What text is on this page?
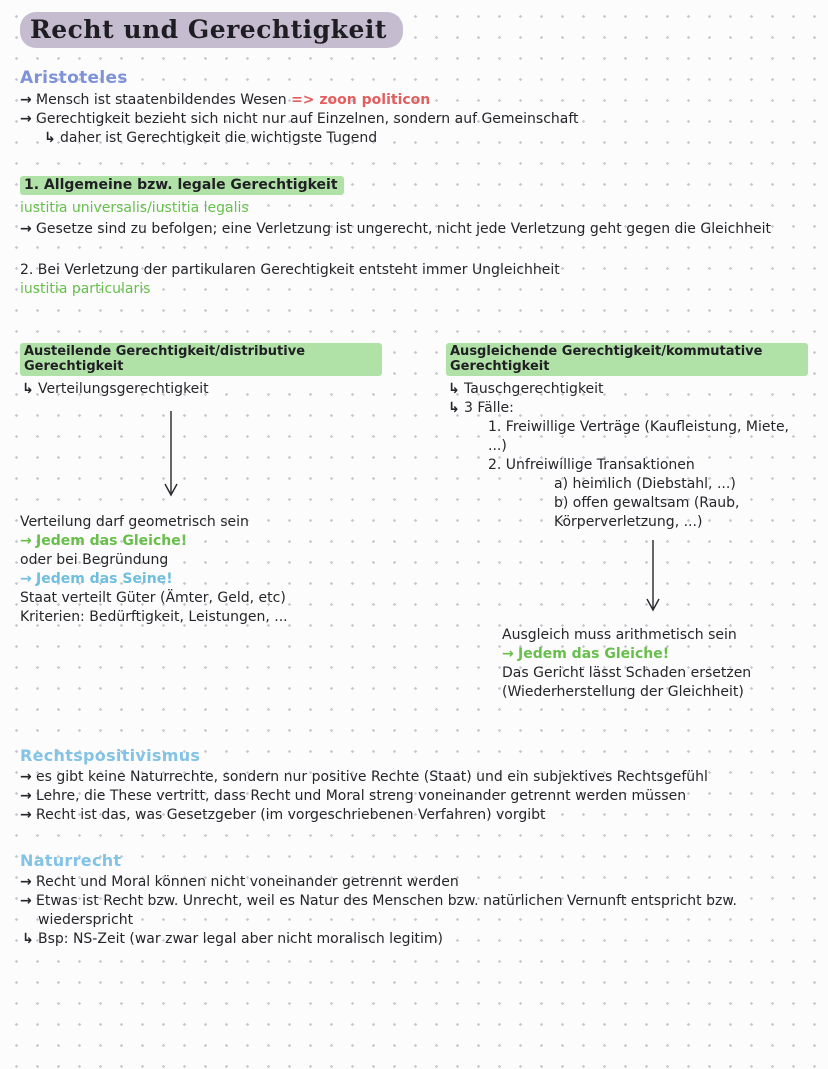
Recht und Gerechtigkeit
Aristoteles
→ Mensch ist staatenbildendes Wesen => zoon politicon
→ Gerechtigkeit bezieht sich nicht nur auf Einzelnen, sondern auf Gemeinschaft
↳ daher ist Gerechtigkeit die wichtigste Tugend
1. Allgemeine bzw. legale Gerechtigkeit
iustitia universalis/iustitia legalis
→ Gesetze sind zu befolgen; eine Verletzung ist ungerecht, nicht jede Verletzung geht gegen die Gleichheit
2. Bei Verletzung der partikularen Gerechtigkeit entsteht immer Ungleichheit
iustitia particularis
Austeilende Gerechtigkeit/distributive Gerechtigkeit
↳ Verteilungsgerechtigkeit
Verteilung darf geometrisch sein
→ Jedem das Gleiche!
oder bei Begründung
→ Jedem das Seine!
Staat verteilt Güter (Ämter, Geld, etc)
Kriterien: Bedürftigkeit, Leistungen, ...
Ausgleichende Gerechtigkeit/kommutative Gerechtigkeit
↳ Tauschgerechtigkeit
↳ 3 Fälle:
1. Freiwillige Verträge (Kaufleistung, Miete, ...)
2. Unfreiwillige Transaktionen
a) heimlich (Diebstahl, ...)
b) offen gewaltsam (Raub, Körperverletzung, ...)
Ausgleich muss arithmetisch sein
→ Jedem das Gleiche!
Das Gericht lässt Schaden ersetzen
(Wiederherstellung der Gleichheit)
Rechtspositivismus
→ es gibt keine Naturrechte, sondern nur positive Rechte (Staat) und ein subjektives Rechtsgefühl
→ Lehre, die These vertritt, dass Recht und Moral streng voneinander getrennt werden müssen
→ Recht ist das, was Gesetzgeber (im vorgeschriebenen Verfahren) vorgibt
Naturrecht
→ Recht und Moral können nicht voneinander getrennt werden
→ Etwas ist Recht bzw. Unrecht, weil es Natur des Menschen bzw. natürlichen Vernunft entspricht bzw. wiederspricht
↳ Bsp: NS-Zeit (war zwar legal aber nicht moralisch legitim)
